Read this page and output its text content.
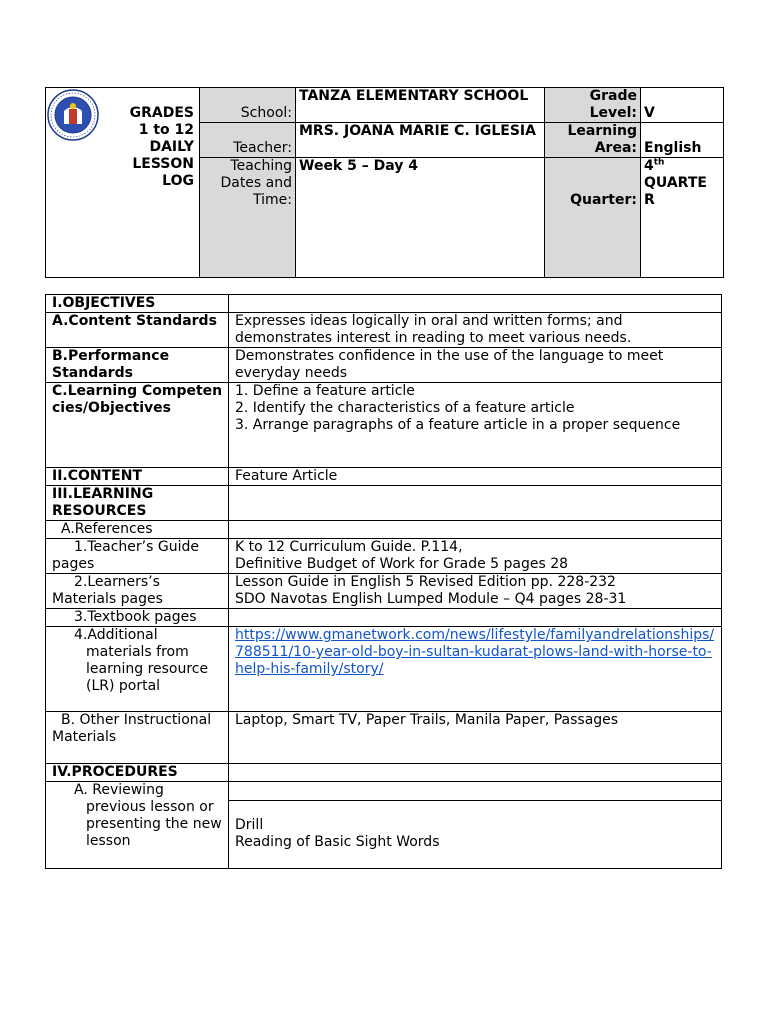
GRADES
1 to 12
DAILY
LESSON
LOG	School:	TANZA ELEMENTARY SCHOOL	Grade Level:	V
	Teacher:	MRS. JOANA MARIE C. IGLESIA	Learning Area:	English
	Teaching Dates and Time:	Week 5 – Day 4	Quarter:	4th
QUARTE R
I.OBJECTIVES	
A.Content Standards	Expresses ideas logically in oral and written forms; and demonstrates interest in reading to meet various needs.
B.Performance Standards	Demonstrates confidence in the use of the language to meet everyday needs
C.Learning Competencies/Objectives	1. Define a feature article
2. Identify the characteristics of a feature article
3. Arrange paragraphs of a feature article in a proper sequence

II.CONTENT	Feature Article
III.LEARNING RESOURCES	
A.References	
1.Teacher’s Guide pages	K to 12 Curriculum Guide. P.114,
Definitive Budget of Work for Grade 5 pages 28

2.Learners’s Materials pages	Lesson Guide in English 5 Revised Edition pp. 228-232
SDO Navotas English Lumped Module – Q4 pages 28-31

3.Textbook pages	

4.Additional materials from learning resource (LR) portal	https://www.gmanetwork.com/news/lifestyle/familyandrelationships/788511/10-year-old-boy-in-sultan-kudarat-plows-land-with-horse-to-help-his-family/story/
B. Other Instructional Materials	Laptop, Smart TV, Paper Trails, Manila Paper, Passages
IV.PROCEDURES	

A. Reviewing previous lesson or presenting the new lesson	

	Drill
Reading of Basic Sight Words
